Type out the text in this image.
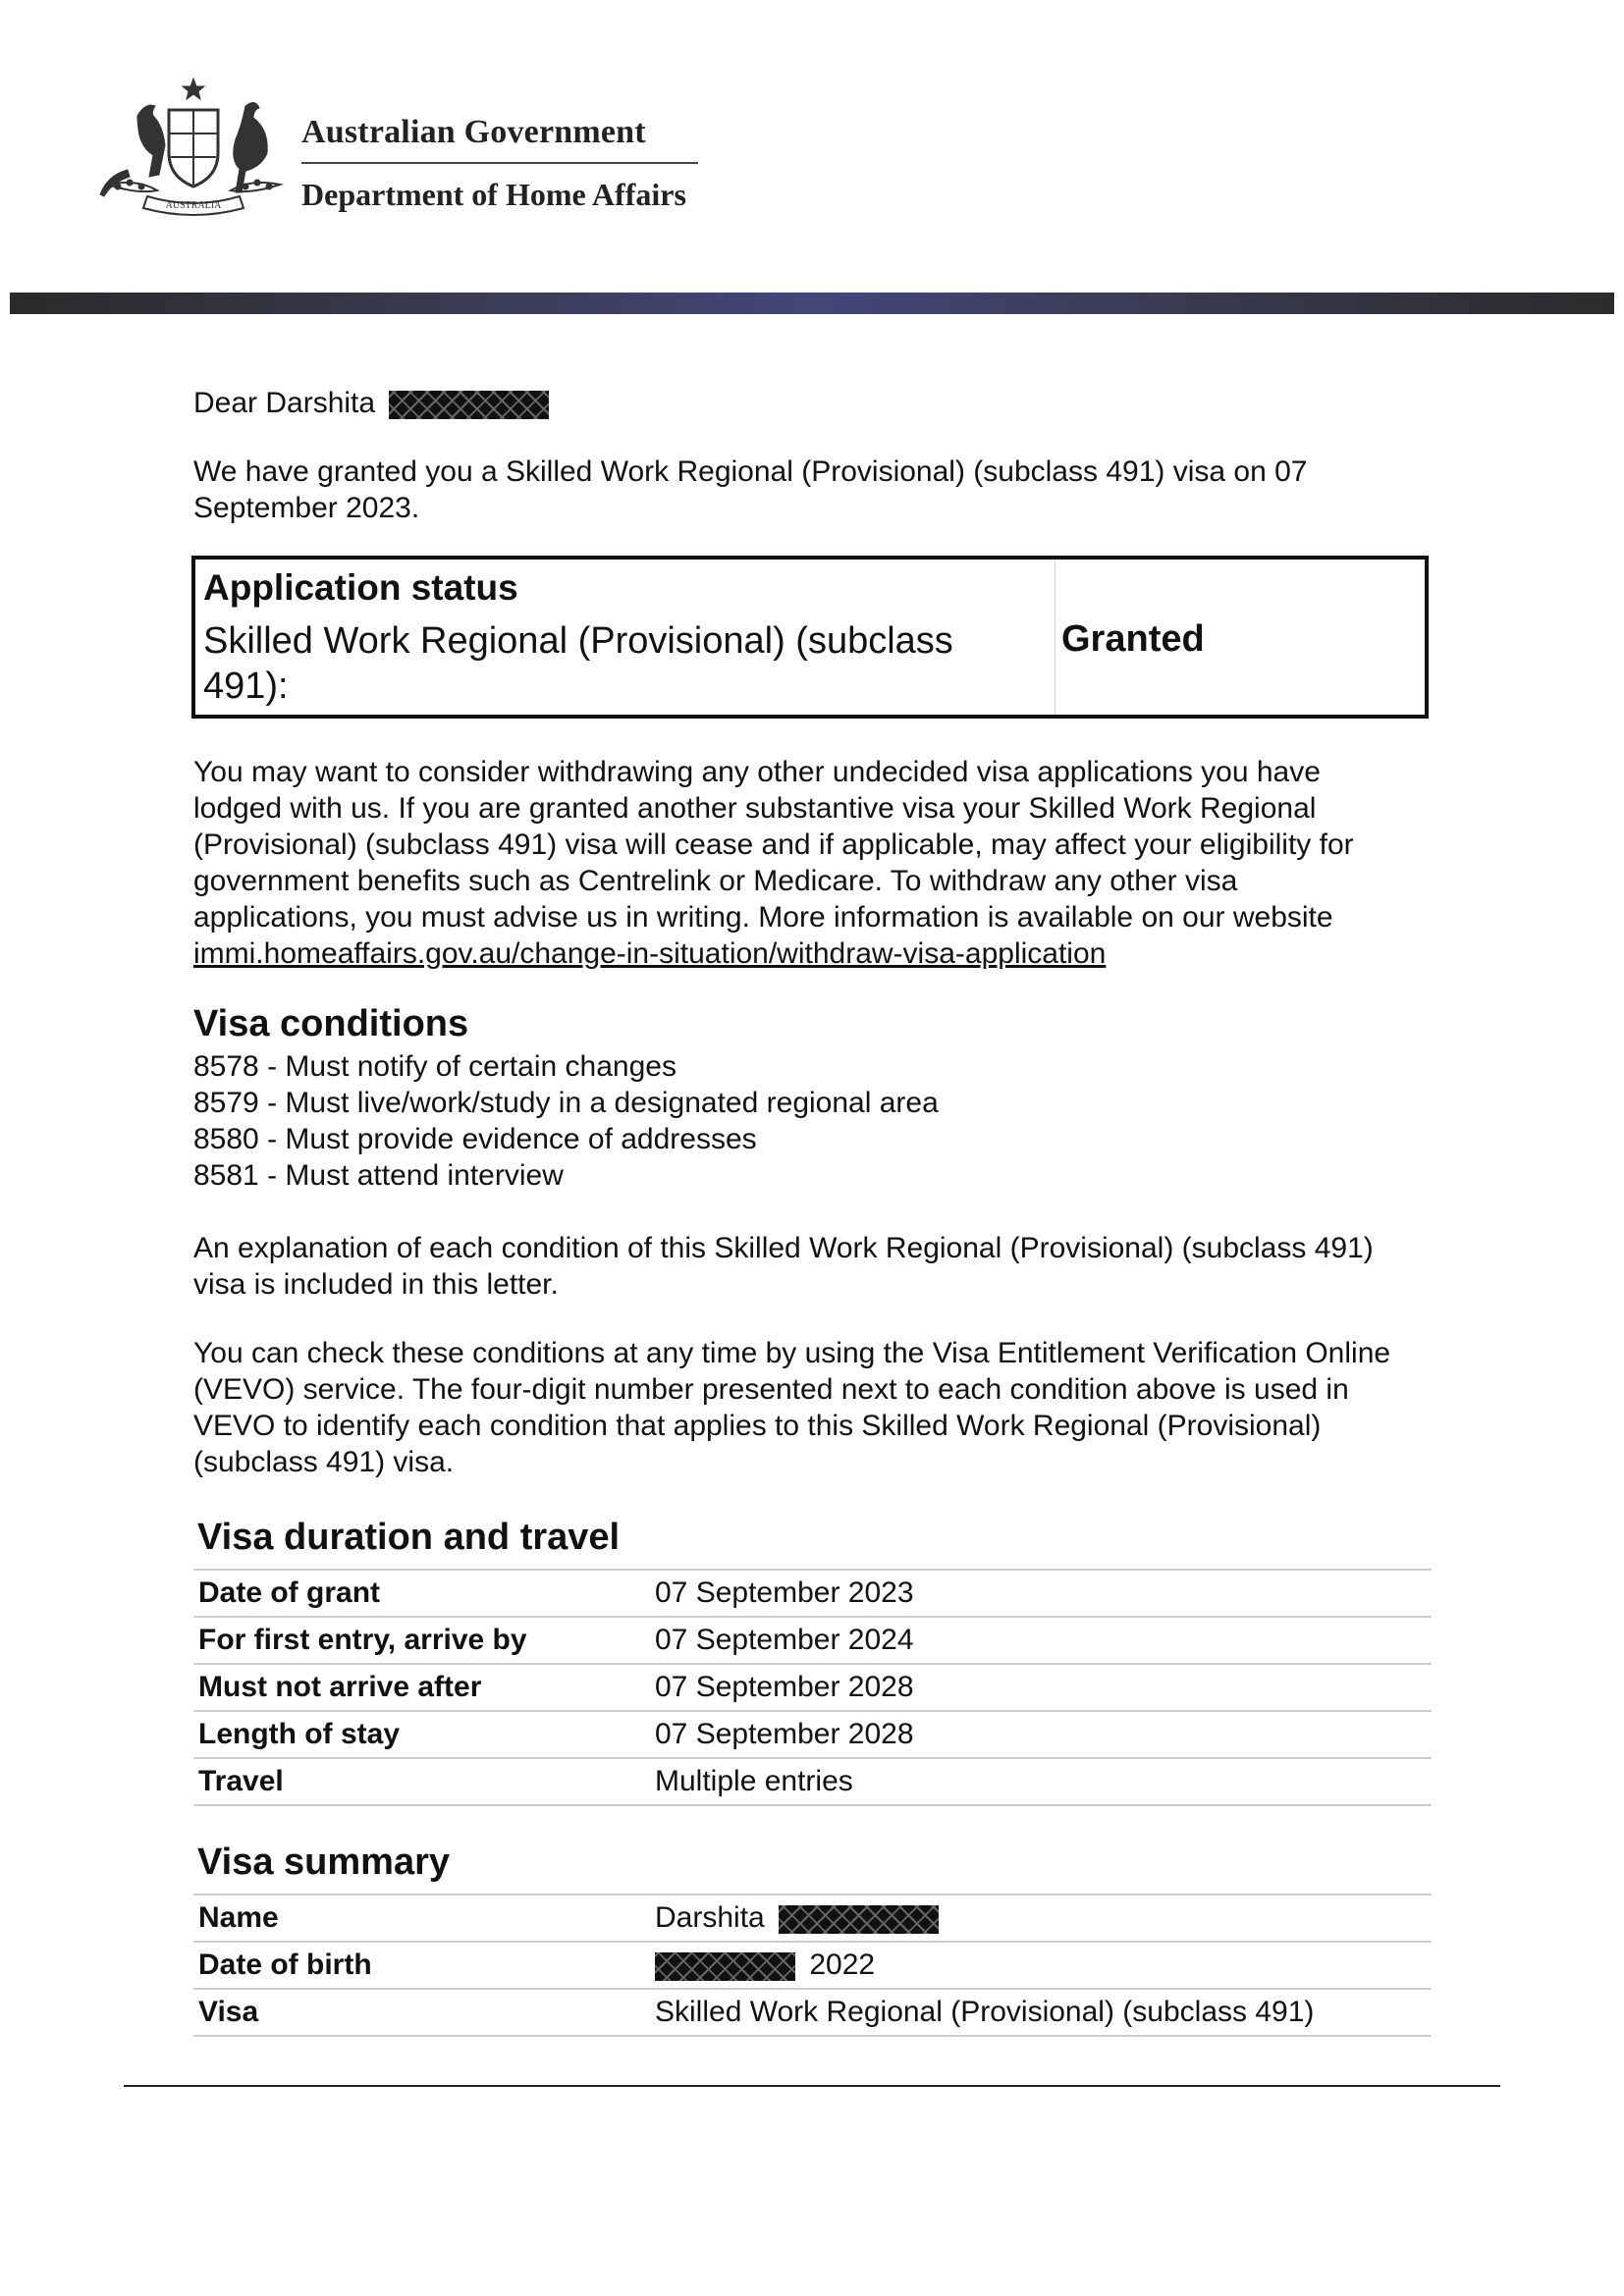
AUSTRALIA
Australian Government
Department of Home Affairs
Dear Darshita
We have granted you a Skilled Work Regional (Provisional) (subclass 491) visa on 07 September 2023.
Application status
Skilled Work Regional (Provisional) (subclass 491):
Granted
You may want to consider withdrawing any other undecided visa applications you have lodged with us. If you are granted another substantive visa your Skilled Work Regional (Provisional) (subclass 491) visa will cease and if applicable, may affect your eligibility for government benefits such as Centrelink or Medicare. To withdraw any other visa applications, you must advise us in writing. More information is available on our website immi.homeaffairs.gov.au/change-in-situation/withdraw-visa-application
Visa conditions
8578 - Must notify of certain changes
8579 - Must live/work/study in a designated regional area
8580 - Must provide evidence of addresses
8581 - Must attend interview
An explanation of each condition of this Skilled Work Regional (Provisional) (subclass 491) visa is included in this letter.
You can check these conditions at any time by using the Visa Entitlement Verification Online (VEVO) service. The four-digit number presented next to each condition above is used in VEVO to identify each condition that applies to this Skilled Work Regional (Provisional) (subclass 491) visa.
Visa duration and travel
Date of grant	07 September 2023
For first entry, arrive by	07 September 2024
Must not arrive after	07 September 2028
Length of stay	07 September 2028
Travel	Multiple entries
Visa summary
Name	Darshita
Date of birth	2022
Visa	Skilled Work Regional (Provisional) (subclass 491)
